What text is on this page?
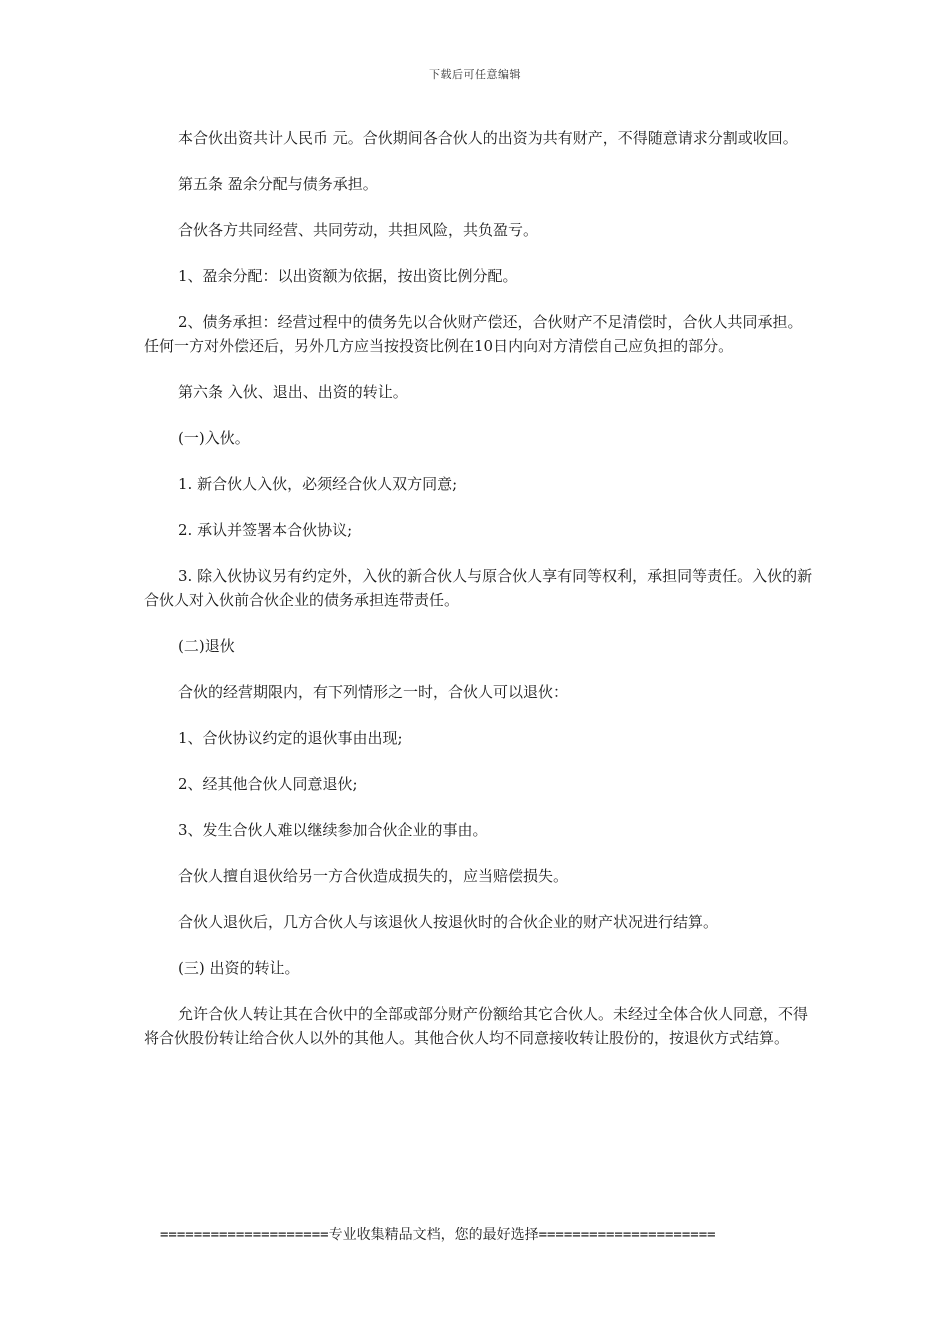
下载后可任意编辑

本合伙出资共计人民币 元。合伙期间各合伙人的出资为共有财产，不得随意请求分割或收回。

第五条 盈余分配与债务承担。

合伙各方共同经营、共同劳动，共担风险，共负盈亏。

1、盈余分配：以出资额为依据，按出资比例分配。

2、债务承担：经营过程中的债务先以合伙财产偿还，合伙财产不足清偿时，合伙人共同承担。 任何一方对外偿还后，另外几方应当按投资比例在10日内向对方清偿自己应负担的部分。

第六条 入伙、退出、出资的转让。

(一)入伙。

1. 新合伙人入伙，必须经合伙人双方同意;

2. 承认并签署本合伙协议;

3. 除入伙协议另有约定外，入伙的新合伙人与原合伙人享有同等权利，承担同等责任。入伙的新合伙人对入伙前合伙企业的债务承担连带责任。

(二)退伙

合伙的经营期限内，有下列情形之一时，合伙人可以退伙：

1、合伙协议约定的退伙事由出现;

2、经其他合伙人同意退伙;

3、发生合伙人难以继续参加合伙企业的事由。

合伙人擅自退伙给另一方合伙造成损失的，应当赔偿损失。

合伙人退伙后，几方合伙人与该退伙人按退伙时的合伙企业的财产状况进行结算。

(三) 出资的转让。

允许合伙人转让其在合伙中的全部或部分财产份额给其它合伙人。未经过全体合伙人同意，不得将合伙股份转让给合伙人以外的其他人。其他合伙人均不同意接收转让股份的，按退伙方式结算。

====================专业收集精品文档，您的最好选择=====================
